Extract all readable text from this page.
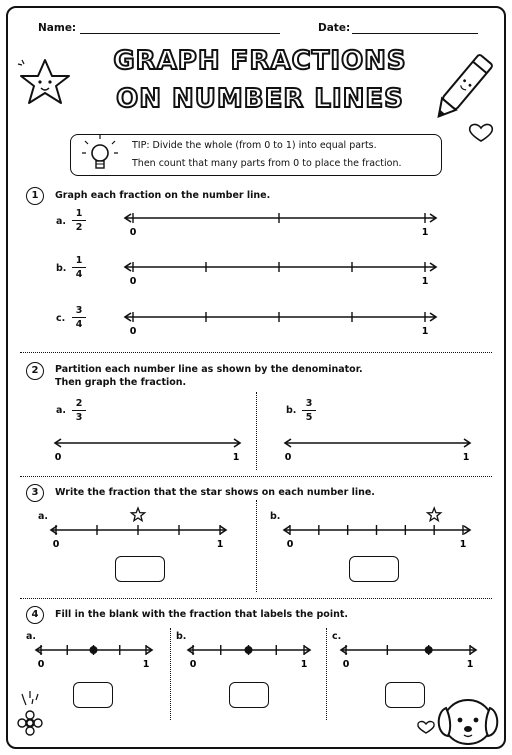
Name:	Date:
GRAPH FRACTIONS
ON NUMBER LINES
TIP: Divide the whole (from 0 to 1) into equal parts.
Then count that many parts from 0 to place the fraction.
1	Graph each fraction on the number line.
a.
1
2
b.
1
4
c.
3
4
2	Partition each number line as shown by the denominator.
Then graph the fraction.
a.
2
3
b.
3
5
3	Write the fraction that the star shows on each number line.
a.	b.
4	Fill in the blank with the fraction that labels the point.
a.	b.	c.
0	1
0	1
0	1
0	1	0	1
0	1	0	1
0	1	0	1	0	1
